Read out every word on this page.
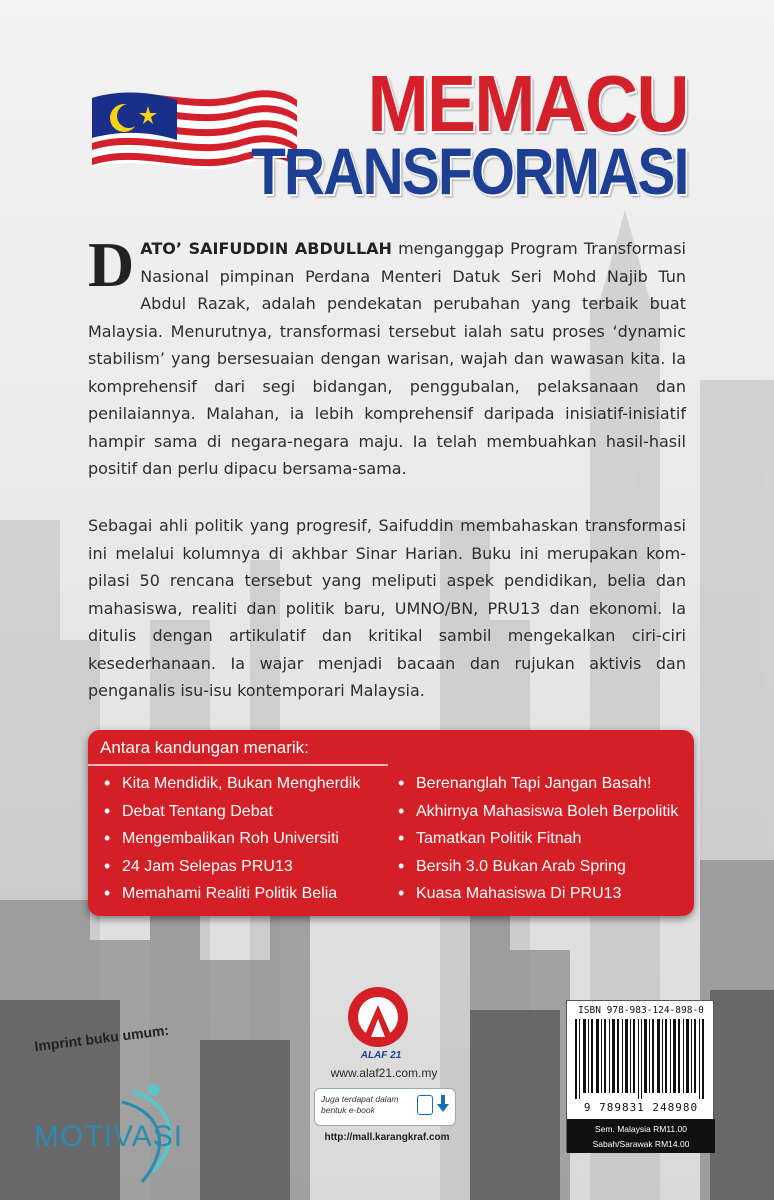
MEMACU
TRANSFORMASI
DATO’ SAIFUDDIN ABDULLAH menganggap Program Transformasi Nasional pimpinan Perdana Menteri Datuk Seri Mohd Najib Tun Abdul Razak, adalah pendekatan perubahan yang terbaik buat Malaysia. Menurutnya, transformasi tersebut ialah satu proses ‘dynamic stabilism’ yang bersesuaian dengan warisan, wajah dan wawasan kita. Ia komprehensif dari segi bidangan, penggubalan, pelaksanaan dan penilaiannya. Malahan, ia lebih komprehensif daripada inisiatif-inisiatif hampir sama di negara-negara maju. Ia telah membuahkan hasil-hasil positif dan perlu dipacu bersama-sama.
Sebagai ahli politik yang progresif, Saifuddin membahaskan transformasi ini melalui kolumnya di akhbar Sinar Harian. Buku ini merupakan kom-pilasi 50 rencana tersebut yang meliputi aspek pendidikan, belia dan mahasiswa, realiti dan politik baru, UMNO/BN, PRU13 dan ekonomi. Ia ditulis dengan artikulatif dan kritikal sambil mengekalkan ciri-ciri kesederhanaan. Ia wajar menjadi bacaan dan rujukan aktivis dan penganalis isu-isu kontemporari Malaysia.
Antara kandungan menarik:
• Kita Mendidik, Bukan Mengherdik
• Debat Tentang Debat
• Mengembalikan Roh Universiti
• 24 Jam Selepas PRU13
• Memahami Realiti Politik Belia
• Berenanglah Tapi Jangan Basah!
• Akhirnya Mahasiswa Boleh Berpolitik
• Tamatkan Politik Fitnah
• Bersih 3.0 Bukan Arab Spring
• Kuasa Mahasiswa Di PRU13
ALAF 21
www.alaf21.com.my
Juga terdapat dalam
bentuk e-book
http://mall.karangkraf.com
Imprint buku umum:
MOTIVASI
ISBN 978-983-124-898-0
9 789831 248980
Sem. Malaysia RM11.00
Sabah/Sarawak RM14.00
